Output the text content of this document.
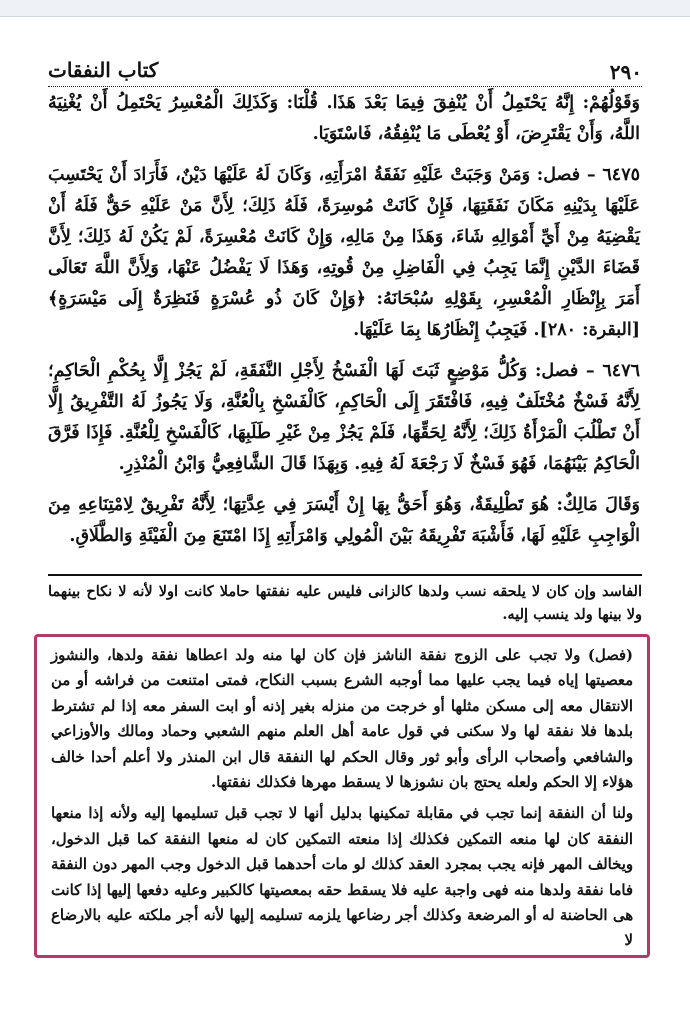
٢٩٠
كتاب النفقات

وَقَوْلُهُمْ: إِنَّهُ يَحْتَمِلُ أَنْ يُنْفِقَ فِيمَا بَعْدَ هَذَا. قُلْنَا: وَكَذَلِكَ الْمُعْسِرُ يَحْتَمِلُ أَنْ يُغْنِيَهُ اللَّهُ، وَأَنْ يَقْتَرِضَ، أَوْ يُعْطَى مَا يُنْفِقُهُ، فَاسْتَوَيَا.

٦٤٧٥ – فصل: وَمَنْ وَجَبَتْ عَلَيْهِ نَفَقَةُ امْرَأَتِهِ، وَكَانَ لَهُ عَلَيْهَا دَيْنٌ، فَأَرَادَ أَنْ يَحْتَسِبَ عَلَيْهَا بِدَيْنِهِ مَكَانَ نَفَقَتِهَا، فَإِنْ كَانَتْ مُوسِرَةً، فَلَهُ ذَلِكَ؛ لِأَنَّ مَنْ عَلَيْهِ حَقٌّ فَلَهُ أَنْ يَقْضِيَهُ مِنْ أَيِّ أَمْوَالِهِ شَاءَ، وَهَذَا مِنْ مَالِهِ، وَإِنْ كَانَتْ مُعْسِرَةً، لَمْ يَكُنْ لَهُ ذَلِكَ؛ لِأَنَّ قَضَاءَ الدَّيْنِ إِنَّمَا يَجِبُ فِي الْفَاضِلِ مِنْ قُوتِهِ، وَهَذَا لَا يَفْضُلُ عَنْهَا، وَلِأَنَّ اللَّهَ تَعَالَى أَمَرَ بِإِنْظَارِ الْمُعْسِرِ، بِقَوْلِهِ سُبْحَانَهُ: ﴿وَإِنْ كَانَ ذُو عُسْرَةٍ فَنَظِرَةٌ إِلَى مَيْسَرَةٍ﴾ [البقرة: ٢٨٠]. فَيَجِبُ إِنْظَارُهَا بِمَا عَلَيْهَا.

٦٤٧٦ – فصل: وَكُلُّ مَوْضِعٍ ثَبَتَ لَهَا الْفَسْخُ لِأَجْلِ النَّفَقَةِ، لَمْ يَجُزْ إِلَّا بِحُكْمِ الْحَاكِمِ؛ لِأَنَّهُ فَسْخٌ مُخْتَلَفٌ فِيهِ، فَافْتَقَرَ إِلَى الْحَاكِمِ، كَالْفَسْخِ بِالْعُنَّةِ، وَلَا يَجُوزُ لَهُ التَّفْرِيقُ إِلَّا أَنْ تَطْلُبَ الْمَرْأَةُ ذَلِكَ؛ لِأَنَّهُ لِحَقِّهَا، فَلَمْ يَجُزْ مِنْ غَيْرِ طَلَبِهَا، كَالْفَسْخِ لِلْعُنَّةِ. فَإِذَا فَرَّقَ الْحَاكِمُ بَيْنَهُمَا، فَهُوَ فَسْخٌ لَا رَجْعَةَ لَهُ فِيهِ. وَبِهَذَا قَالَ الشَّافِعِيُّ وَابْنُ الْمُنْذِرِ.

وَقَالَ مَالِكٌ: هُوَ تَطْلِيقَةٌ، وَهُوَ أَحَقُّ بِهَا إِنْ أَيْسَرَ فِي عِدَّتِهَا؛ لِأَنَّهُ تَفْرِيقٌ لِامْتِنَاعِهِ مِنَ الْوَاجِبِ عَلَيْهِ لَهَا، فَأَشْبَهَ تَفْرِيقَهُ بَيْنَ الْمُولِي وَامْرَأَتِهِ إِذَا امْتَنَعَ مِنَ الْفَيْئَةِ وَالطَّلَاقِ.

الفاسد وإن كان لا يلحقه نسب ولدها كالزانى فليس عليه نفقتها حاملا كانت اولا لأنه لا نكاح بينهما ولا بينها ولد ينسب إليه.

(فصل) ولا تجب على الزوج نفقة الناشز فإن كان لها منه ولد اعطاها نفقة ولدها، والنشوز معصيتها إياه فيما يجب عليها مما أوجبه الشرع بسبب النكاح، فمتى امتنعت من فراشه أو من الانتقال معه إلى مسكن مثلها أو خرجت من منزله بغير إذنه أو ابت السفر معه إذا لم تشترط بلدها فلا نفقة لها ولا سكنى في قول عامة أهل العلم منهم الشعبي وحماد ومالك والأوزاعي والشافعي وأصحاب الرأى وأبو ثور وقال الحكم لها النفقة قال ابن المنذر ولا أعلم أحدا خالف هؤلاء إلا الحكم ولعله يحتج بان نشوزها لا يسقط مهرها فكذلك نفقتها.

ولنا أن النفقة إنما تجب في مقابلة تمكينها بدليل أنها لا تجب قبل تسليمها إليه ولأنه إذا منعها النفقة كان لها منعه التمكين فكذلك إذا منعته التمكين كان له منعها النفقة كما قبل الدخول، ويخالف المهر فإنه يجب بمجرد العقد كذلك لو مات أحدهما قبل الدخول وجب المهر دون النفقة فاما نفقة ولدها منه فهى واجبة عليه فلا يسقط حقه بمعصيتها كالكبير وعليه دفعها إليها إذا كانت هى الحاضنة له أو المرضعة وكذلك أجر رضاعها يلزمه تسليمه إليها لأنه أجر ملكته عليه بالارضاع لا
